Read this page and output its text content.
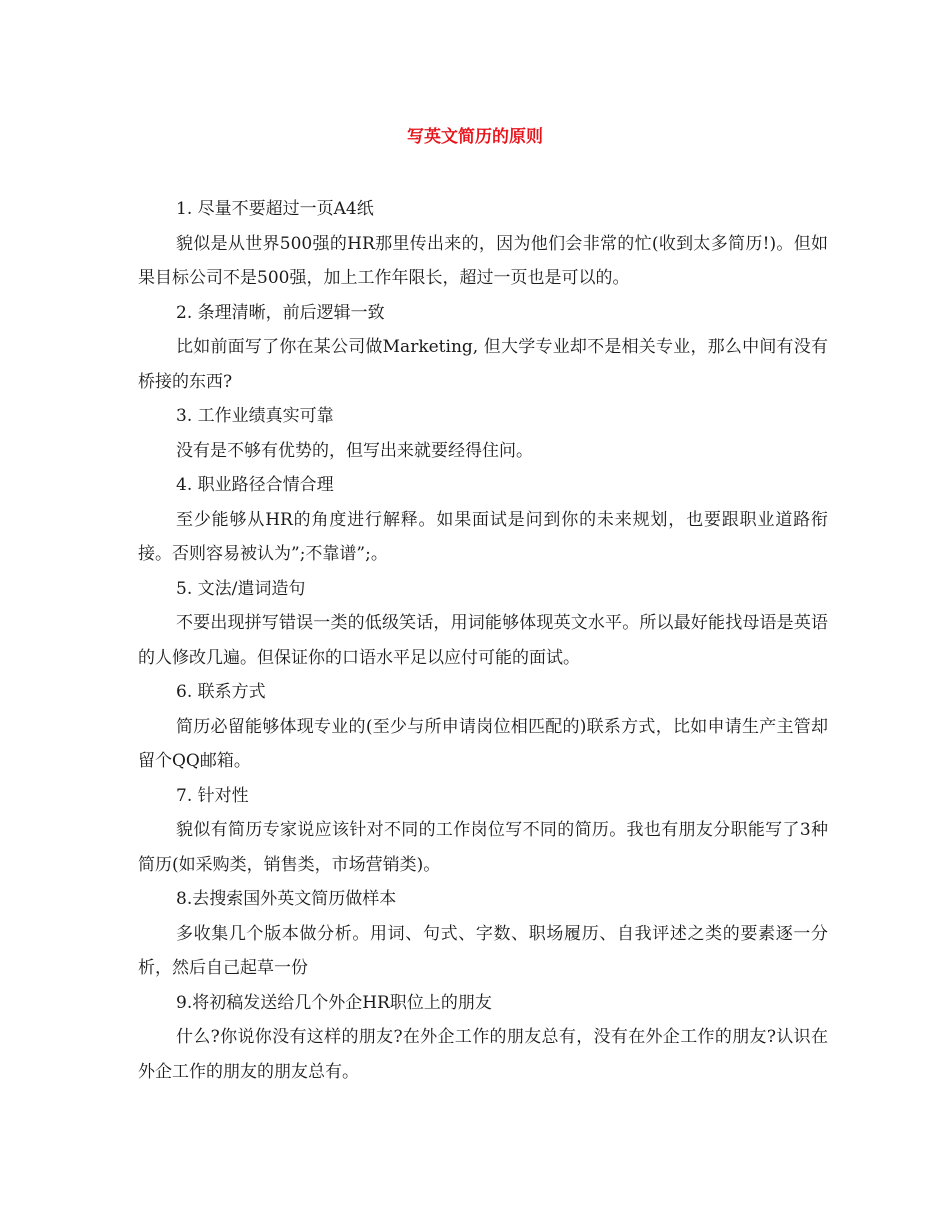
写英文简历的原则

1. 尽量不要超过一页A4纸

貌似是从世界500强的HR那里传出来的，因为他们会非常的忙(收到太多简历!)。但如果目标公司不是500强，加上工作年限长，超过一页也是可以的。

2. 条理清晰，前后逻辑一致

比如前面写了你在某公司做Marketing, 但大学专业却不是相关专业，那么中间有没有桥接的东西?

3. 工作业绩真实可靠

没有是不够有优势的，但写出来就要经得住问。

4. 职业路径合情合理

至少能够从HR的角度进行解释。如果面试是问到你的未来规划，也要跟职业道路衔接。否则容易被认为”;不靠谱”;。

5. 文法/遣词造句

不要出现拼写错误一类的低级笑话，用词能够体现英文水平。所以最好能找母语是英语的人修改几遍。但保证你的口语水平足以应付可能的面试。

6. 联系方式

简历必留能够体现专业的(至少与所申请岗位相匹配的)联系方式，比如申请生产主管却留个QQ邮箱。

7. 针对性

貌似有简历专家说应该针对不同的工作岗位写不同的简历。我也有朋友分职能写了3种简历(如采购类，销售类，市场营销类)。

8.去搜索国外英文简历做样本

多收集几个版本做分析。用词、句式、字数、职场履历、自我评述之类的要素逐一分析，然后自己起草一份

9.将初稿发送给几个外企HR职位上的朋友

什么?你说你没有这样的朋友?在外企工作的朋友总有，没有在外企工作的朋友?认识在外企工作的朋友的朋友总有。
